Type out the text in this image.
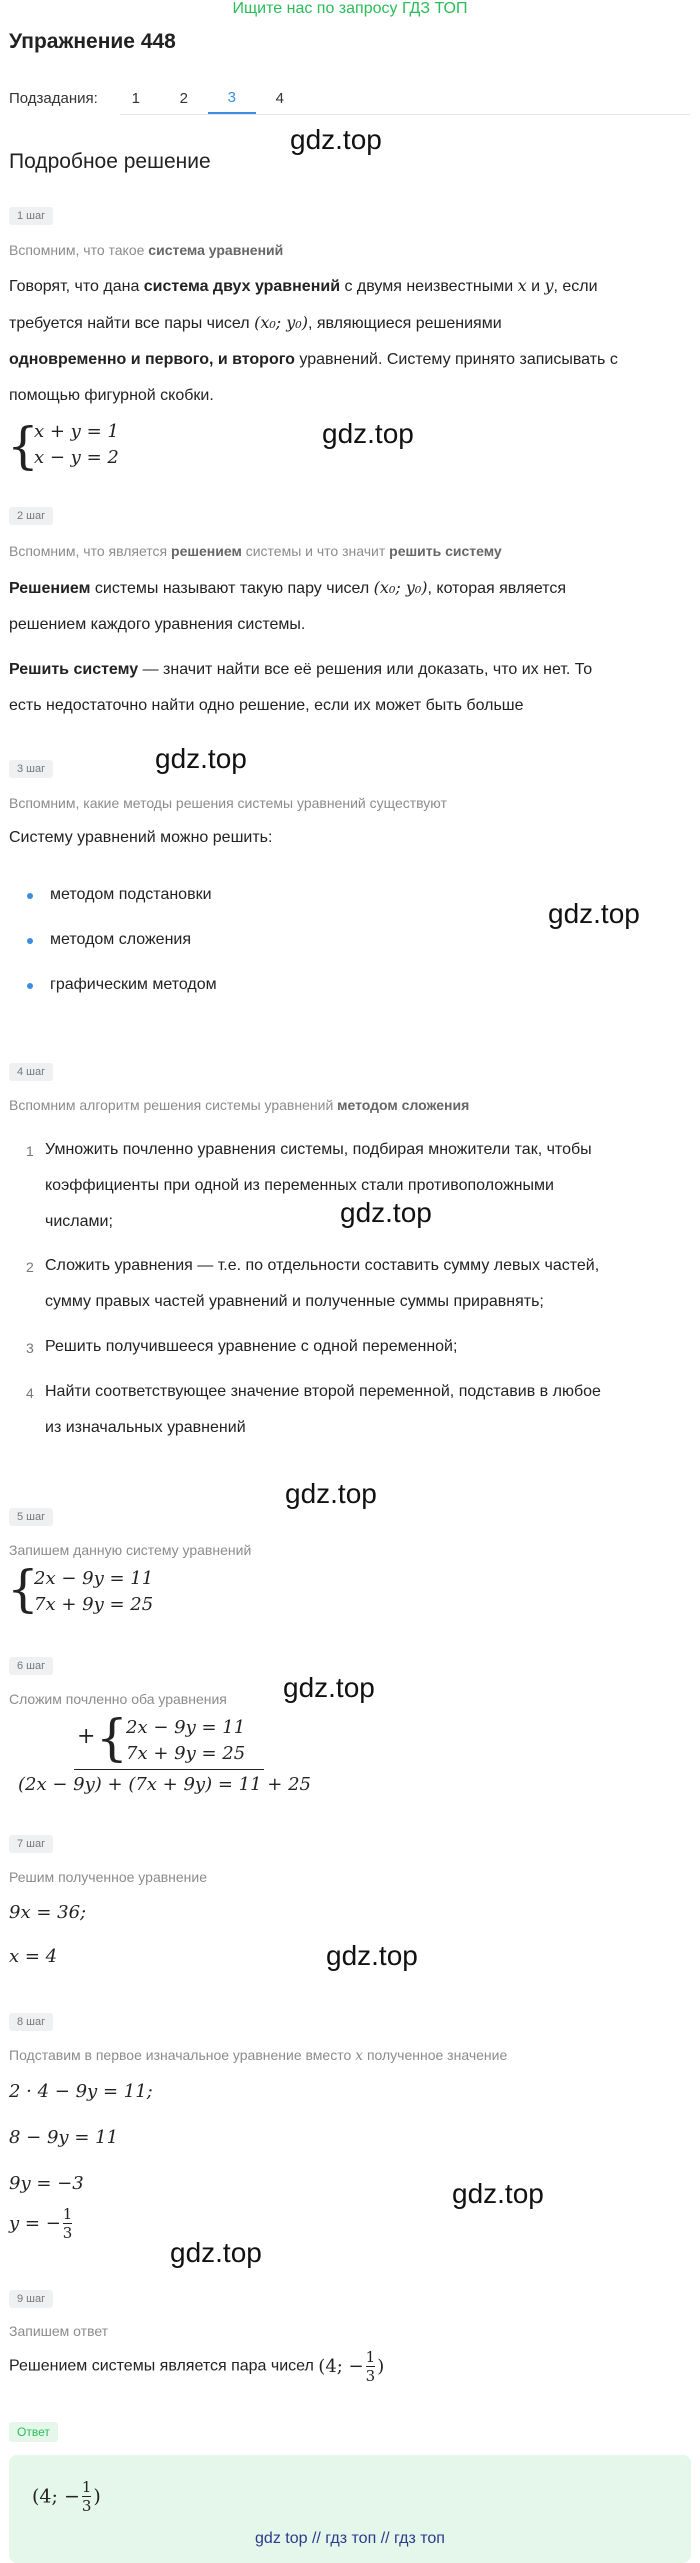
Ищите нас по запросу ГДЗ ТОП
Упражнение 448
Подзадания:	1	2	3	4
Подробное решение
gdz.top
gdz.top
gdz.top
gdz.top
gdz.top
gdz.top
gdz.top
gdz.top
gdz.top
gdz.top
1 шаг
Вспомним, что такое система уравнений
Говорят, что дана система двух уравнений с двумя неизвестными x и y, если
требуется найти все пары чисел (x₀; y₀), являющиеся решениями
одновременно и первого, и второго уравнений. Систему принято записывать с
помощью фигурной скобки.
{
x + y = 1
x − y = 2
2 шаг
Вспомним, что является решением системы и что значит решить систему
Решением системы называют такую пару чисел (x₀; y₀), которая является
решением каждого уравнения системы.
Решить систему — значит найти все её решения или доказать, что их нет. То
есть недостаточно найти одно решение, если их может быть больше
3 шаг
Вспомним, какие методы решения системы уравнений существуют
Систему уравнений можно решить:
методом подстановки
методом сложения
графическим методом
4 шаг
Вспомним алгоритм решения системы уравнений методом сложения
1 Умножить почленно уравнения системы, подбирая множители так, чтобы
коэффициенты при одной из переменных стали противоположными
числами;
2 Сложить уравнения — т.е. по отдельности составить сумму левых частей,
сумму правых частей уравнений и полученные суммы приравнять;
3 Решить получившееся уравнение с одной переменной;
4 Найти соответствующее значение второй переменной, подставив в любое
из изначальных уравнений
5 шаг
Запишем данную систему уравнений
{
2x − 9y = 11
7x + 9y = 25
6 шаг
Сложим почленно оба уравнения
+ {
2x − 9y = 11
7x + 9y = 25
(2x − 9y) + (7x + 9y) = 11 + 25
7 шаг
Решим полученное уравнение
9x = 36;
x = 4
8 шаг
Подставим в первое изначальное уравнение вместо x полученное значение
2 · 4 − 9y = 11;
8 − 9y = 11
9y = −3
y = − $\frac{1}{3}$
9 шаг
Запишем ответ
Решением системы является пара чисел (4; − $\frac{1}{3}$ )
Ответ
(4; − $\frac{1}{3}$ )
gdz top // гдз топ // гдз топ
